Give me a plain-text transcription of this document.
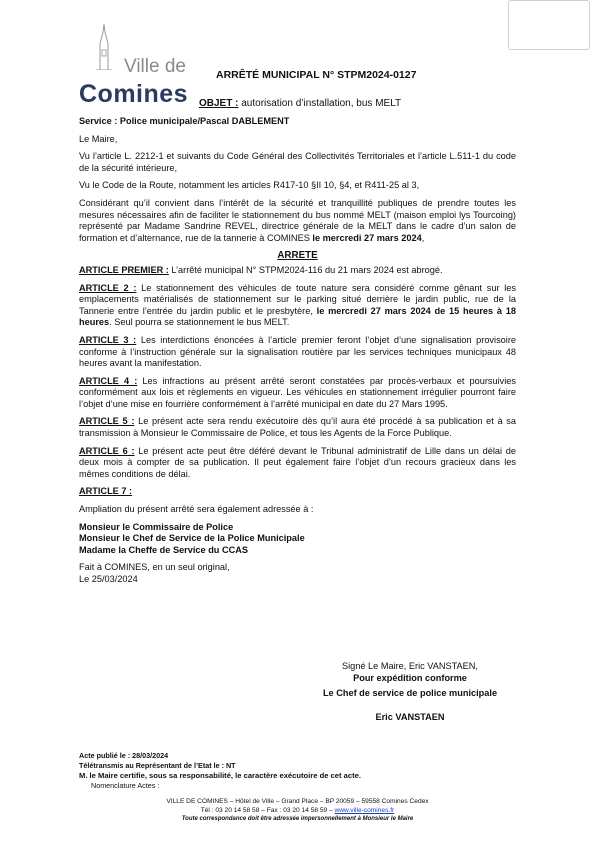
Ville de
Comines
ARRÊTÉ MUNICIPAL N° STPM2024-0127
OBJET : autorisation d’installation, bus MELT

Service : Police municipale/Pascal DABLEMENT

Le Maire,

Vu l’article L. 2212-1 et suivants du Code Général des Collectivités Territoriales et l’article L.511-1 du code de la sécurité intérieure,

Vu le Code de la Route, notamment les articles R417-10 §II 10, §4, et R411-25 al 3,

Considérant qu’il convient dans l’intérêt de la sécurité et tranquillité publiques de prendre toutes les mesures nécessaires afin de faciliter le stationnement du bus nommé MELT (maison emploi lys Tourcoing) représenté par Madame Sandrine REVEL, directrice générale de la MELT dans le cadre d’un salon de formation et d’alternance, rue de la tannerie à COMINES le mercredi 27 mars 2024,

ARRETE

ARTICLE PREMIER : L’arrêté municipal N° STPM2024-116 du 21 mars 2024 est abrogé.

ARTICLE 2 : Le stationnement des véhicules de toute nature sera considéré comme gênant sur les emplacements matérialisés de stationnement sur le parking situé derrière le jardin public, rue de la Tannerie entre l’entrée du jardin public et le presbytère, le mercredi 27 mars 2024 de 15 heures à 18 heures. Seul pourra se stationnement le bus MELT.

ARTICLE 3 : Les interdictions énoncées à l’article premier feront l’objet d’une signalisation provisoire conforme à l’instruction générale sur la signalisation routière par les services techniques municipaux 48 heures avant la manifestation.

ARTICLE 4 : Les infractions au présent arrêté seront constatées par procès-verbaux et poursuivies conformément aux lois et règlements en vigueur. Les véhicules en stationnement irrégulier pourront faire l’objet d’une mise en fourrière conformément à l’arrêté municipal en date du 27 Mars 1995.

ARTICLE 5 : Le présent acte sera rendu exécutoire dès qu’il aura été procédé à sa publication et à sa transmission à Monsieur le Commissaire de Police, et tous les Agents de la Force Publique.

ARTICLE 6 : Le présent acte peut être déféré devant le Tribunal administratif de Lille dans un délai de deux mois à compter de sa publication. Il peut également faire l’objet d’un recours gracieux dans les mêmes conditions de délai.

ARTICLE 7 :

Ampliation du présent arrêté sera également adressée à :

Monsieur le Commissaire de Police

Monsieur le Chef de Service de la Police Municipale

Madame la Cheffe de Service du CCAS

Fait à COMINES, en un seul original,

Le 25/03/2024

Signé Le Maire, Eric VANSTAEN,
Pour expédition conforme
Le Chef de service de police municipale
Eric VANSTAEN

Acte publié le : 28/03/2024

Télétransmis au Représentant de l’Etat le : NT

M. le Maire certifie, sous sa responsabilité, le caractère exécutoire de cet acte.

Nomenclature Actes :

VILLE DE COMINES – Hôtel de Ville – Grand Place – BP 20059 – 59558 Comines Cedex

Tél : 03 20 14 58 58 – Fax : 03 20 14 58 59 – www.ville-comines.fr

Toute correspondance doit être adressée impersonnellement à Monsieur le Maire
